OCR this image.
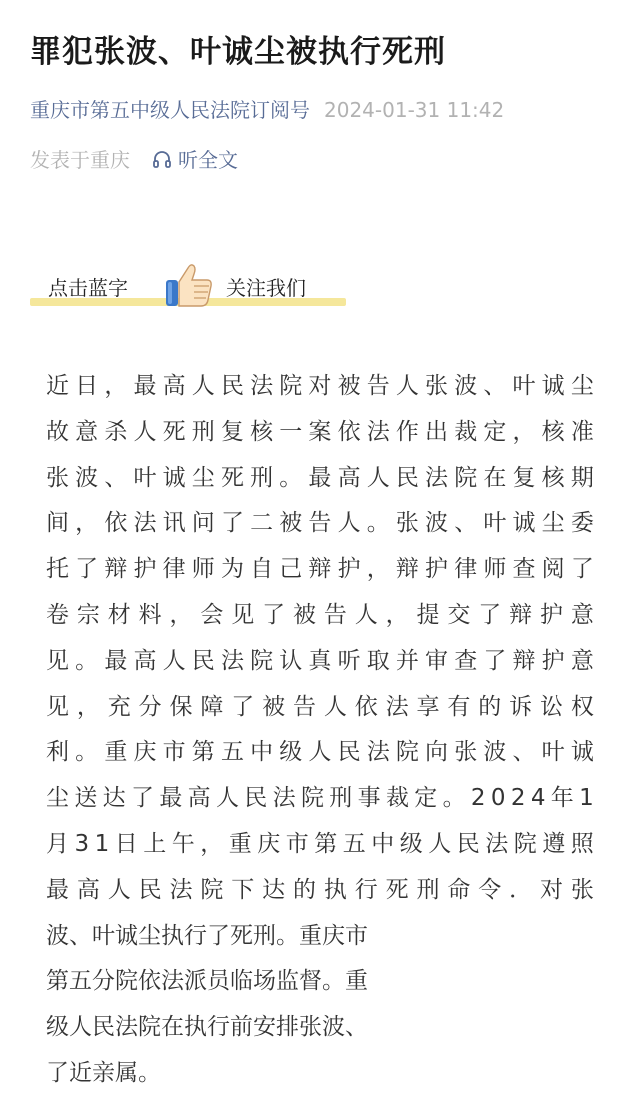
罪犯张波、叶诚尘被执行死刑
重庆市第五中级人民法院订阅号 2024-01-31 11:42
发表于重庆 听全文
点击蓝字	关注我们
近 日 ， 最 高 人 民 法 院 对 被 告 人 张 波 、 叶 诚 尘
故 意 杀 人 死 刑 复 核 一 案 依 法 作 出 裁 定 ， 核 准
张 波 、 叶 诚 尘 死 刑 。 最 高 人 民 法 院 在 复 核 期
间 ， 依 法 讯 问 了 二 被 告 人 。 张 波 、 叶 诚 尘 委
托 了 辩 护 律 师 为 自 己 辩 护 ， 辩 护 律 师 查 阅 了
卷 宗 材 料 ， 会 见 了 被 告 人 ， 提 交 了 辩 护 意
见 。 最 高 人 民 法 院 认 真 听 取 并 审 查 了 辩 护 意
见 ， 充 分 保 障 了 被 告 人 依 法 享 有 的 诉 讼 权
利 。 重 庆 市 第 五 中 级 人 民 法 院 向 张 波 、 叶 诚
尘 送 达 了 最 高 人 民 法 院 刑 事 裁 定 。 2 0 2 4 年 1
月 3 1 日 上 午 ， 重 庆 市 第 五 中 级 人 民 法 院 遵 照
最 高 人 民 法 院 下 达 的 执 行 死 刑 命 令 ． 对 张
波、叶诚尘执行了死刑。重庆市
第五分院依法派员临场监督。重
级人民法院在执行前安排张波、
了近亲属。
